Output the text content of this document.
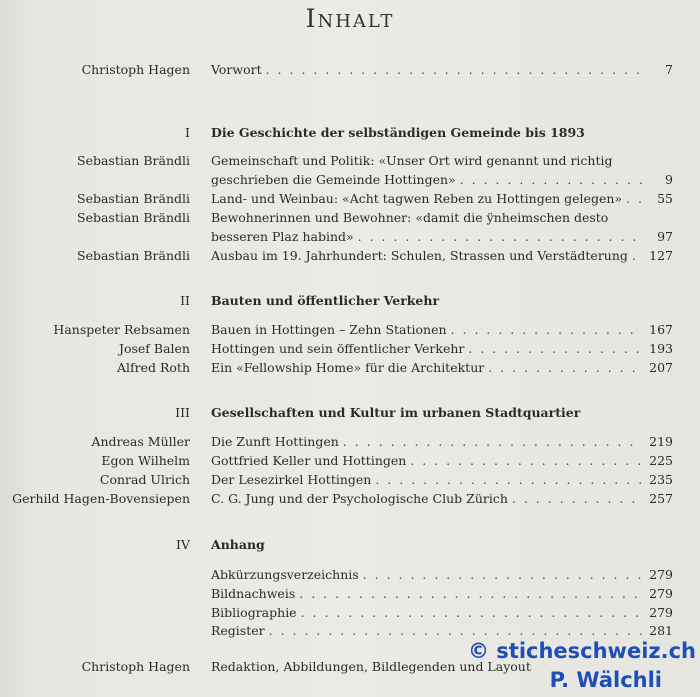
Inhalt
Christoph Hagen Vorwort . . .	7
I Die Geschichte der selbständigen Gemeinde bis 1893
Sebastian Brändli Gemeinschaft und Politik: «Unser Ort wird genannt und richtig
geschrieben die Gemeinde Hottingen» . . .	9
Sebastian Brändli Land- und Weinbau: «Acht tagwen Reben zu Hottingen gelegen» . . .	55
Sebastian Brändli Bewohnerinnen und Bewohner: «damit die ÿnheimschen desto
besseren Plaz habind» . . .	97
Sebastian Brändli Ausbau im 19. Jahrhundert: Schulen, Strassen und Verstädterung . . . 127
II Bauten und öffentlicher Verkehr
Hanspeter Rebsamen Bauen in Hottingen – Zehn Stationen . . .	167
Josef Balen Hottingen und sein öffentlicher Verkehr . . .	193
Alfred Roth Ein «Fellowship Home» für die Architektur . . .	207
III Gesellschaften und Kultur im urbanen Stadtquartier
Andreas Müller Die Zunft Hottingen . . .	219
Egon Wilhelm Gottfried Keller und Hottingen . . .	225
Conrad Ulrich Der Lesezirkel Hottingen . . .	235
Gerhild Hagen-Bovensiepen C. G. Jung und der Psychologische Club Zürich . . .	257
IV Anhang
Abkürzungsverzeichnis . . .	279
Bildnachweis . . .	279
Bibliographie . . .	279
Register . . .	281
Christoph Hagen Redaktion, Abbildungen, Bildlegenden und Layout
© sticheschweiz.ch
P. Wälchli
